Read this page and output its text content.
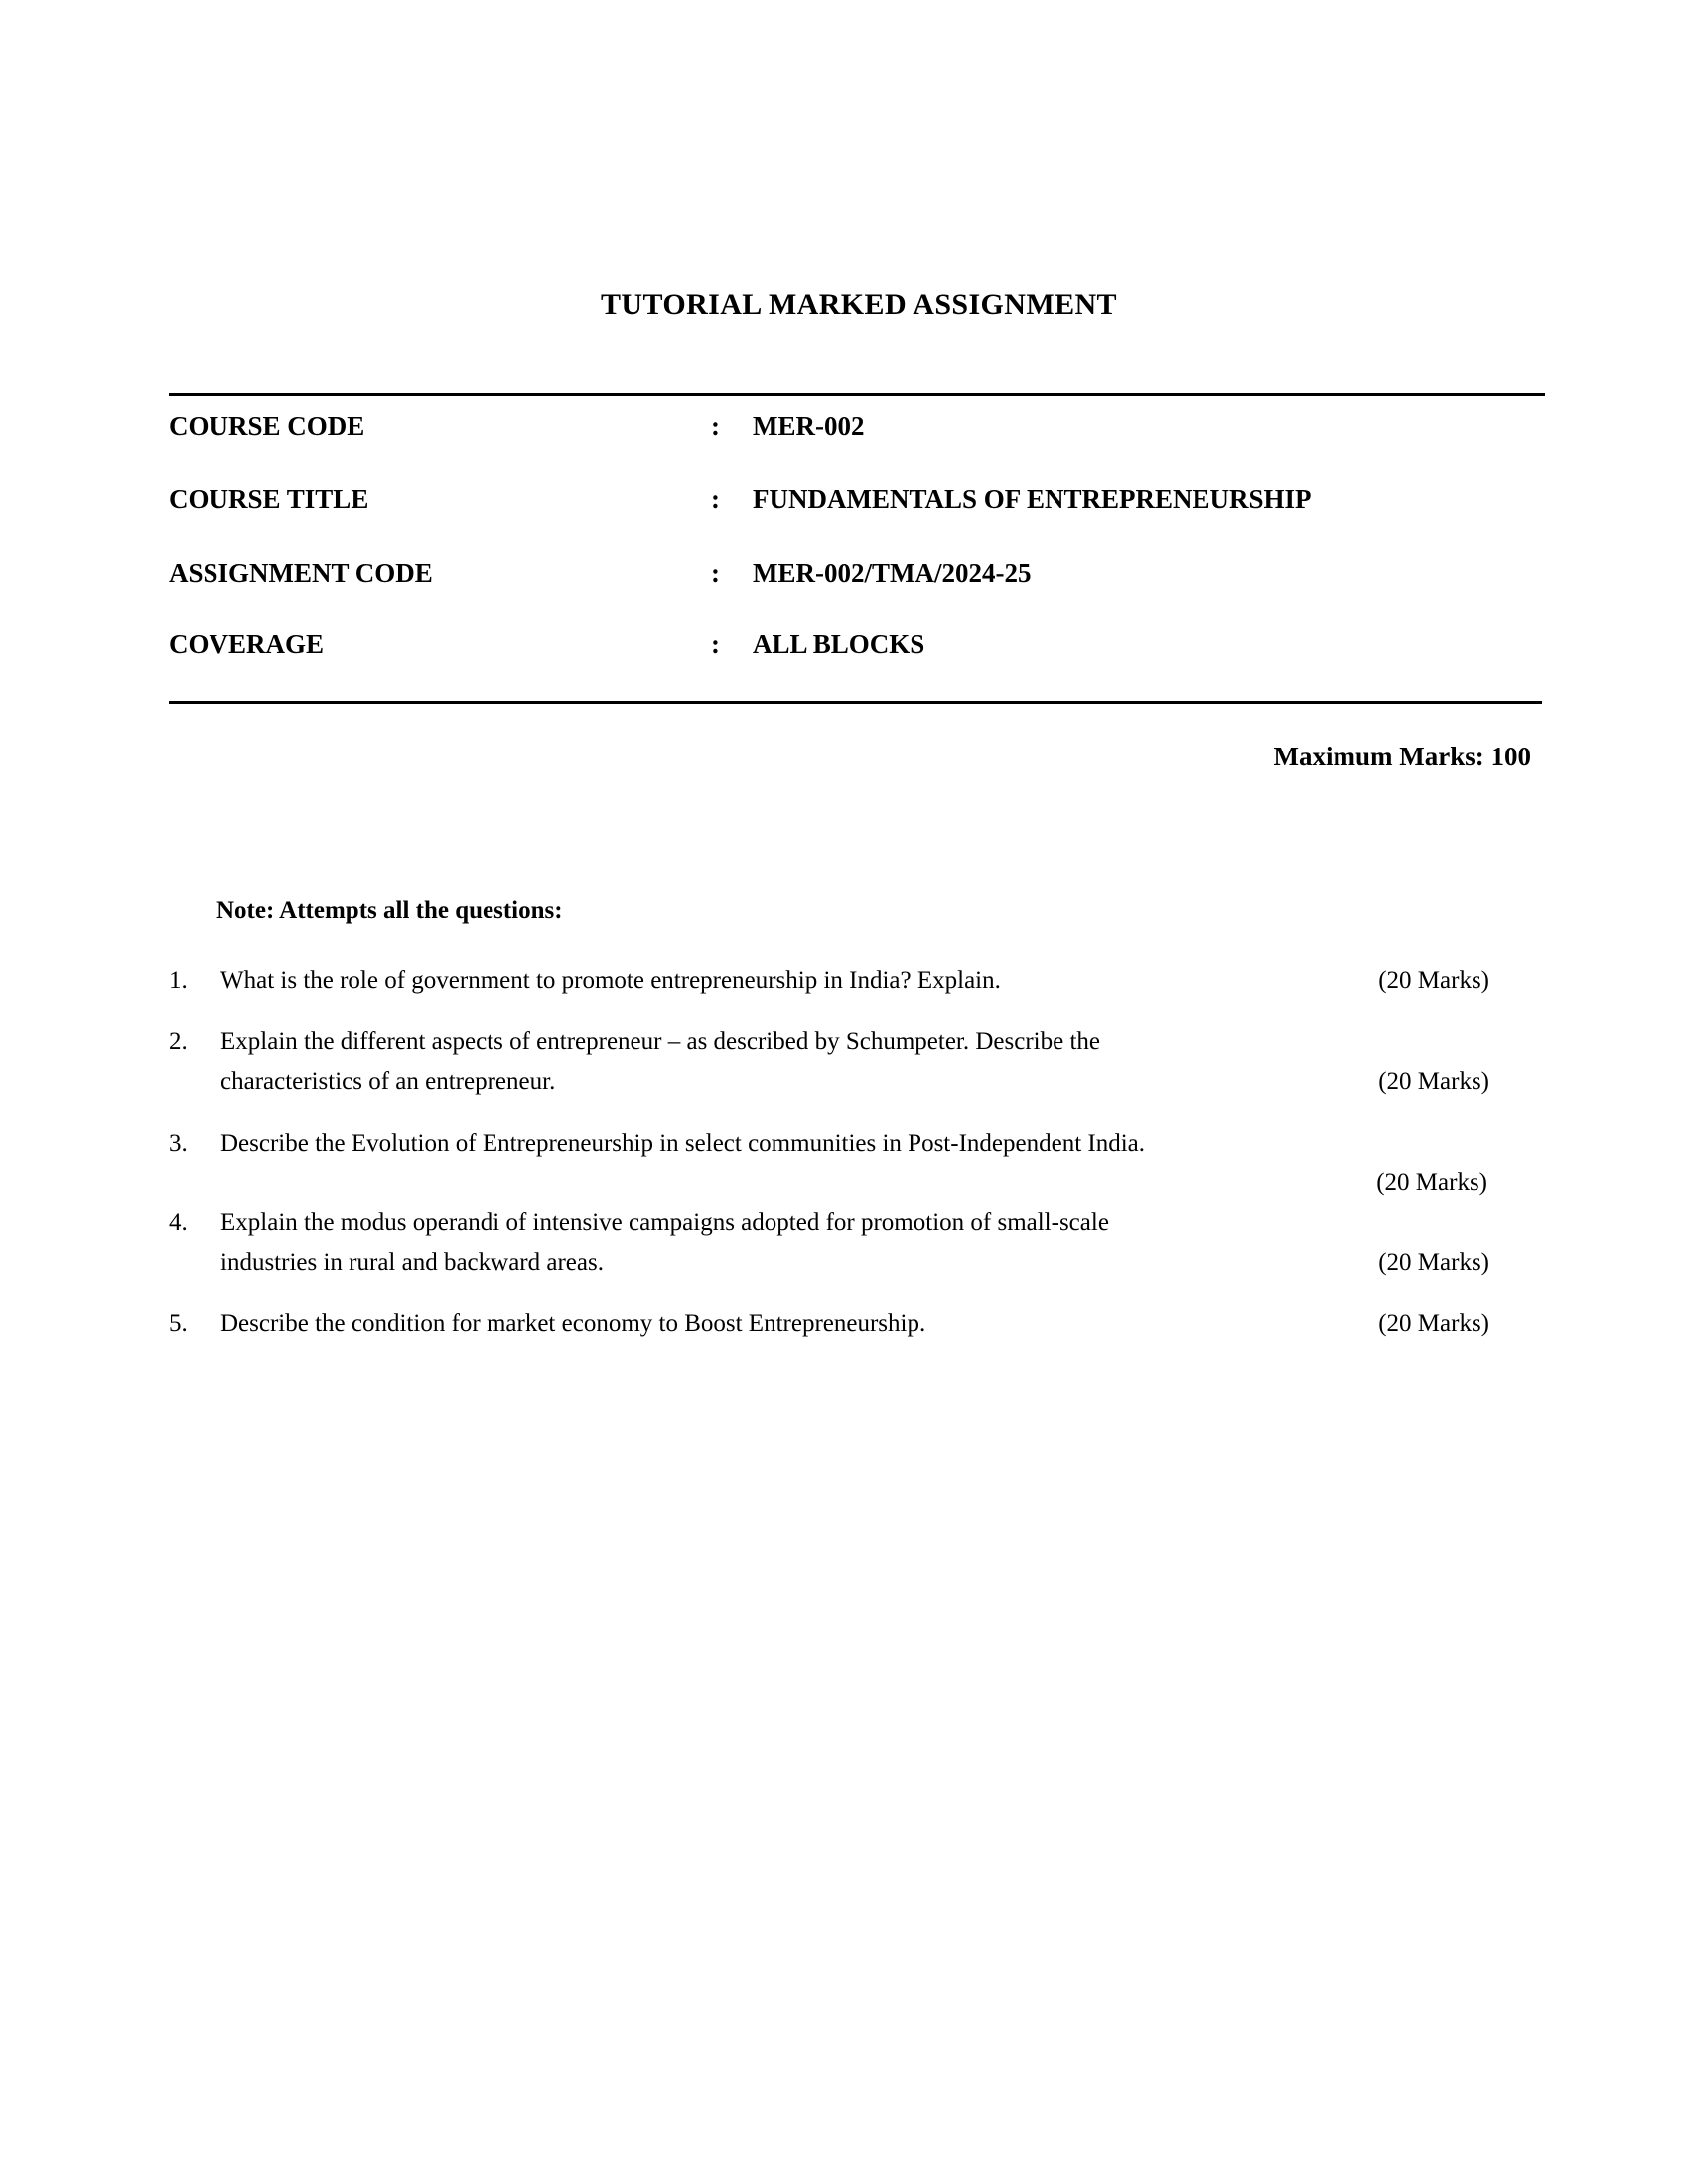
TUTORIAL MARKED ASSIGNMENT
COURSE CODE	: MER-002
COURSE TITLE	: FUNDAMENTALS OF ENTREPRENEURSHIP
ASSIGNMENT CODE	: MER-002/TMA/2024-25
COVERAGE	: ALL BLOCKS
Maximum Marks: 100
Note: Attempts all the questions:
1.	What is the role of government to promote entrepreneurship in India? Explain.	(20 Marks)
2.	Explain the different aspects of entrepreneur – as described by Schumpeter. Describe the
characteristics of an entrepreneur.	(20 Marks)
3.	Describe the Evolution of Entrepreneurship in select communities in Post-Independent India.
(20 Marks)
4.	Explain the modus operandi of intensive campaigns adopted for promotion of small-scale
industries in rural and backward areas.	(20 Marks)
5.	Describe the condition for market economy to Boost Entrepreneurship.	(20 Marks)
